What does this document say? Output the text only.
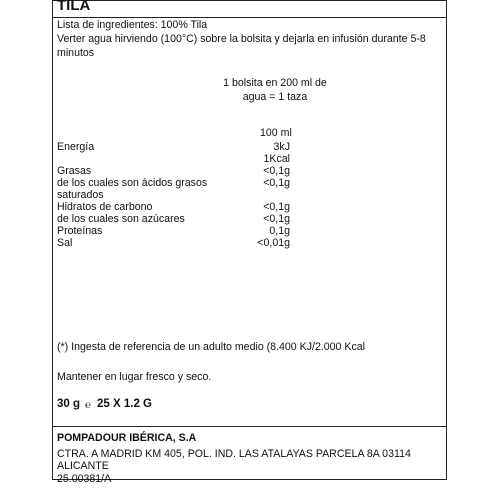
TILA
Lista de ingredientes: 100% Tila
Verter agua hirviendo (100°C) sobre la bolsita y dejarla en infusión durante 5-8
minutos
1 bolsita en 200 ml de
agua = 1 taza
100 ml
Energía	3kJ
1Kcal
Grasas	<0,1g
de los cuales son ácidos grasos	<0,1g
saturados
Hidratos de carbono	<0,1g
de los cuales son azúcares	<0,1g
Proteínas	0,1g
Sal	<0,01g
(*) Ingesta de referencia de un adulto medio (8.400 KJ/2.000 Kcal
Mantener en lugar fresco y seco.
30 g ℮ 25 X 1.2 G
POMPADOUR IBÉRICA, S.A
CTRA. A MADRID KM 405, POL. IND. LAS ATALAYAS PARCELA 8A 03114
ALICANTE
25.00381/A
